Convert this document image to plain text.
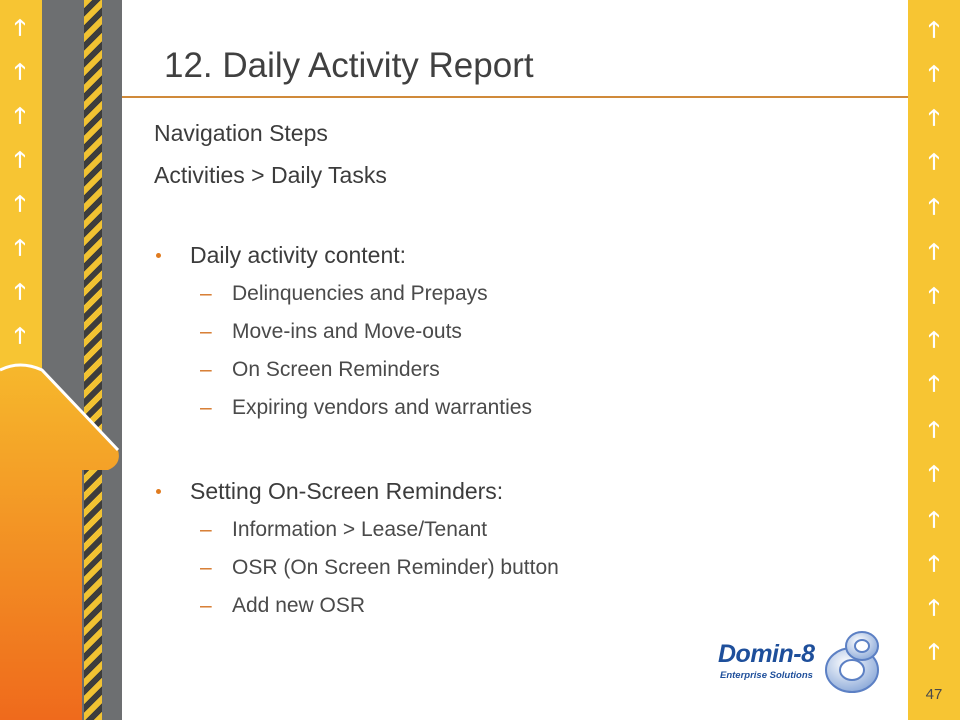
🡑
🡑
🡑
🡑
🡑
🡑
🡑
🡑
🡑
🡑
🡑
🡑
🡑
🡑
🡑
🡑
🡑
🡑
🡑
🡑
🡑
🡑
🡑
47
12. Daily Activity Report
Navigation Steps
Activities > Daily Tasks
Daily activity content:
– Delinquencies and Prepays
– Move-ins and Move-outs
– On Screen Reminders
– Expiring vendors and warranties
Setting On-Screen Reminders:
– Information > Lease/Tenant
– OSR (On Screen Reminder) button
– Add new OSR
Domin-8
Enterprise Solutions
